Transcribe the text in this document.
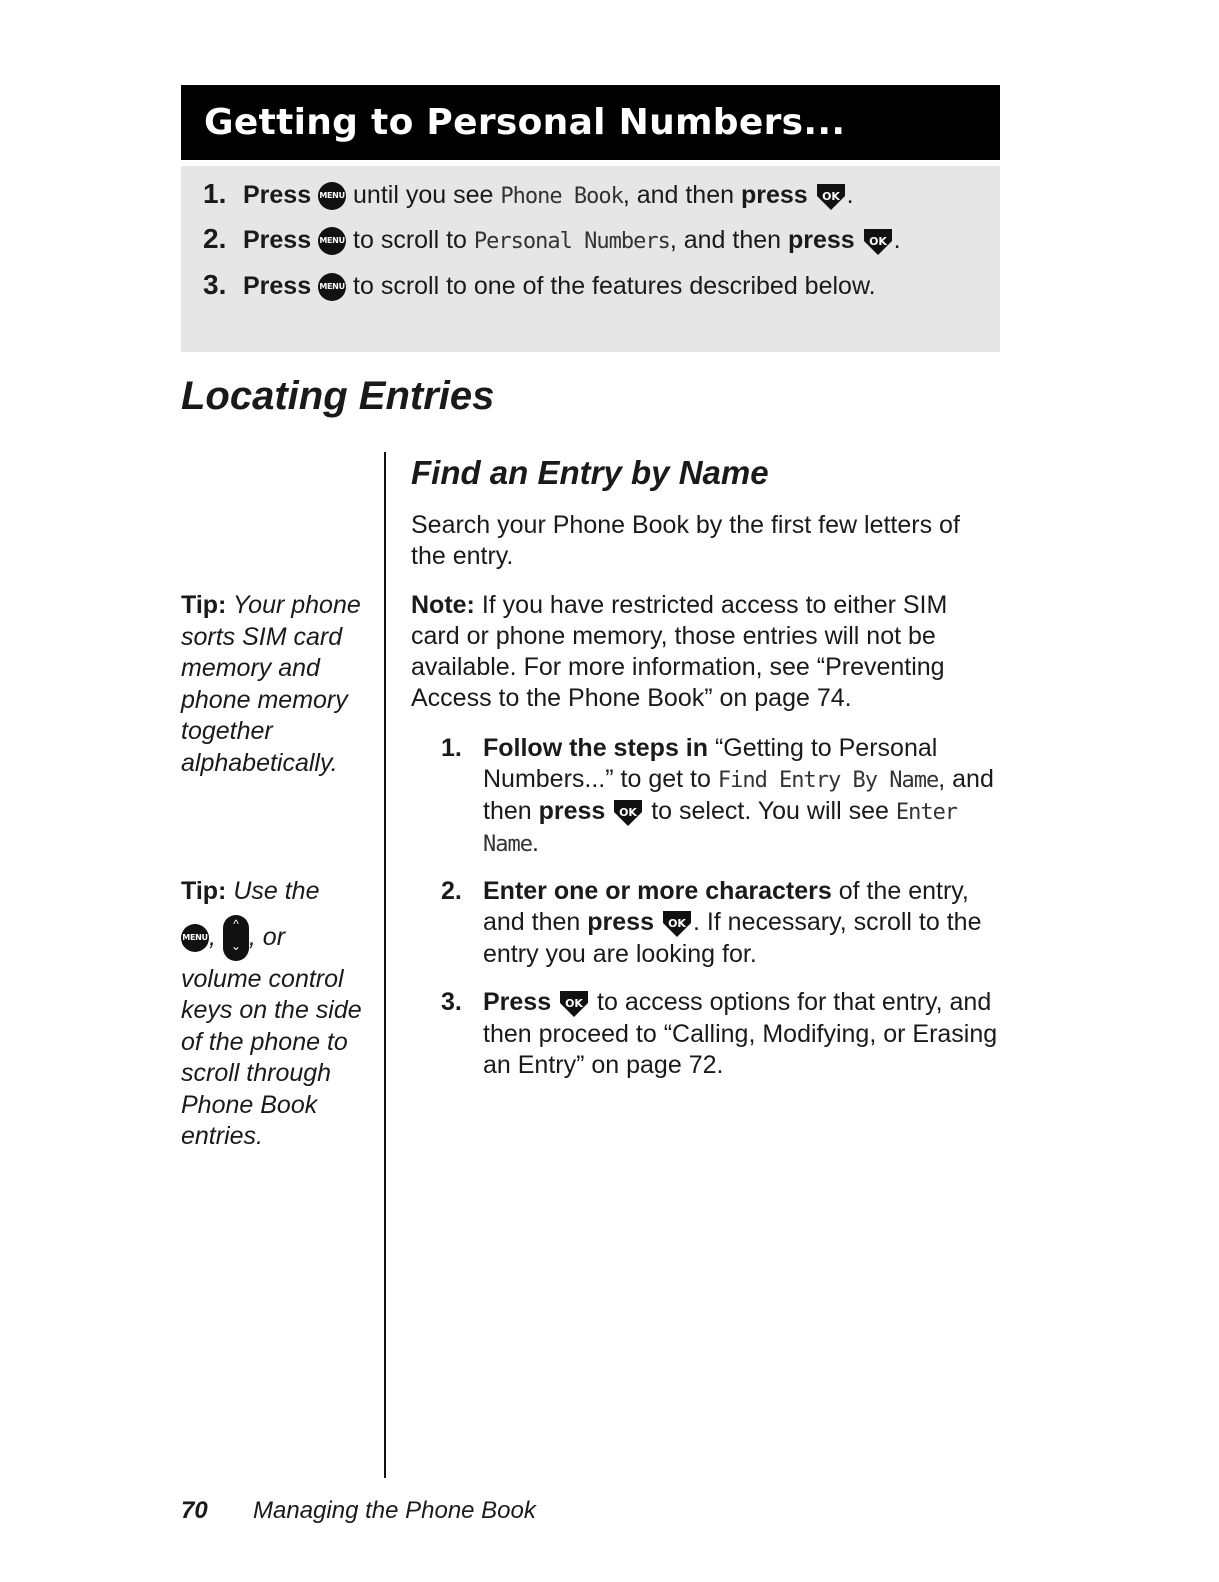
Getting to Personal Numbers...
1. Press MENU until you see Phone Book, and then press OK .
2. Press MENU to scroll to Personal Numbers, and then press OK .
3. Press MENU to scroll to one of the features described below.
Locating Entries
Find an Entry by Name

Search your Phone Book by the first few letters of the entry.

Note: If you have restricted access to either SIM card or phone memory, those entries will not be available. For more information, see “Preventing Access to the Phone Book” on page 74.

1. Follow the steps in “Getting to Personal Numbers...” to get to Find Entry By Name, and then press OK to select. You will see Enter Name.
2. Enter one or more characters of the entry, and then press OK . If necessary, scroll to the entry you are looking for.
3. Press OK to access options for that entry, and then proceed to “Calling, Modifying, or Erasing an Entry” on page 72.

Tip: Your phone sorts SIM card memory and phone memory together alphabetically.

Tip: Use the
MENU,	^
⌄ , or
volume control keys on the side of the phone to scroll through Phone Book entries.
70 Managing the Phone Book
